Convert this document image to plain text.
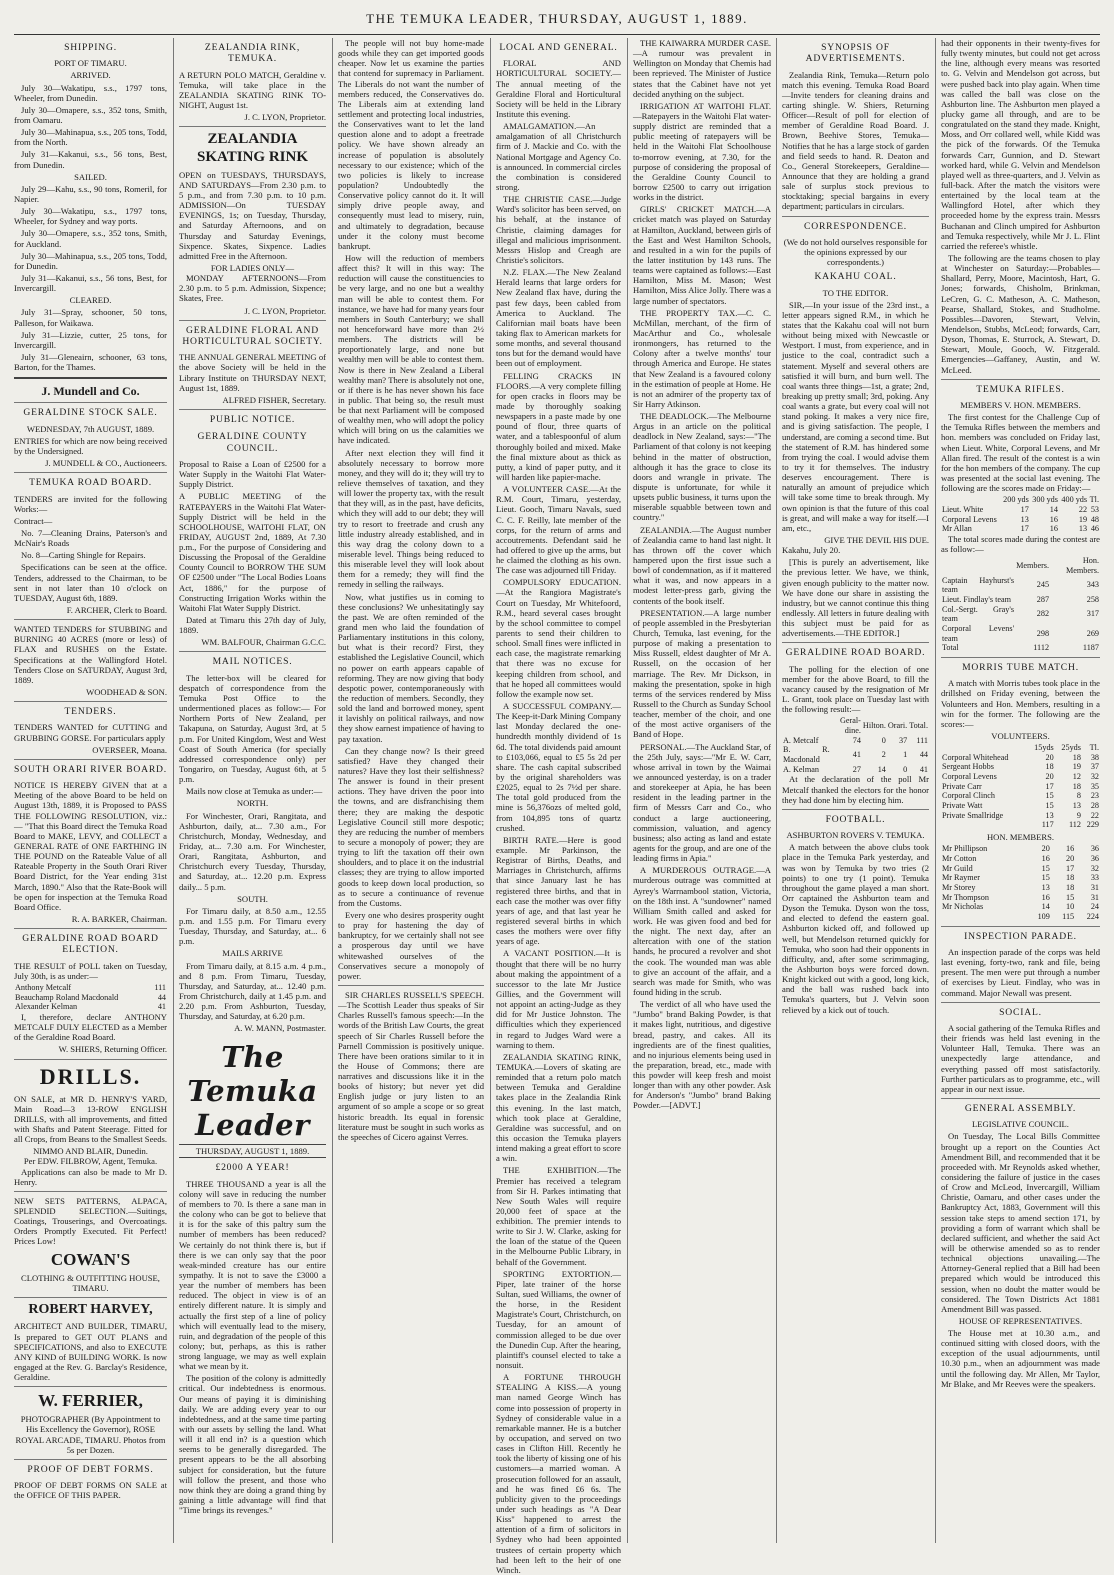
THE TEMUKA LEADER, THURSDAY, AUGUST 1, 1889.
SHIPPING.
PORT OF TIMARU.
ARRIVED.

July 30—Wakatipu, s.s., 1797 tons, Wheeler, from Dunedin.

July 30—Omapere, s.s., 352 tons, Smith, from Oamaru.

July 30—Mahinapua, s.s., 205 tons, Todd, from the North.

July 31—Kakanui, s.s., 56 tons, Best, from Dunedin.

SAILED.

July 29—Kahu, s.s., 90 tons, Romeril, for Napier.

July 30—Wakatipu, s.s., 1797 tons, Wheeler, for Sydney and way ports.

July 30—Omapere, s.s., 352 tons, Smith, for Auckland.

July 30—Mahinapua, s.s., 205 tons, Todd, for Dunedin.

July 31—Kakanui, s.s., 56 tons, Best, for Invercargill.

CLEARED.

July 31—Spray, schooner, 50 tons, Palleson, for Waikawa.

July 31—Lizzie, cutter, 25 tons, for Invercargill.

July 31—Gleneairn, schooner, 63 tons, Barton, for the Thames.

J. Mundell and Co.
GERALDINE STOCK SALE.
WEDNESDAY, 7th AUGUST, 1889.

ENTRIES for which are now being received by the Undersigned.

J. MUNDELL & CO., Auctioneers.
TEMUKA ROAD BOARD.

TENDERS are invited for the following Works:—

Contract—

No. 7—Cleaning Drains, Paterson's and McNair's Roads

No. 8—Carting Shingle for Repairs.

Specifications can be seen at the office. Tenders, addressed to the Chairman, to be sent in not later than 10 o'clock on TUESDAY, August 6th, 1889.

F. ARCHER, Clerk to Board.

WANTED TENDERS for STUBBING and BURNING 40 ACRES (more or less) of FLAX and RUSHES on the Estate. Specifications at the Wallingford Hotel. Tenders Close on SATURDAY, August 3rd, 1889.

WOODHEAD & SON.
TENDERS.

TENDERS WANTED for CUTTING and GRUBBING GORSE. For particulars apply

OVERSEER, Moana.
SOUTH ORARI RIVER BOARD.

NOTICE IS HEREBY GIVEN that at a Meeting of the above Board to be held on August 13th, 1889, it is Proposed to PASS THE FOLLOWING RESOLUTION, viz.:— "That this Board direct the Temuka Road Board to MAKE, LEVY, and COLLECT a GENERAL RATE of ONE FARTHING IN THE POUND on the Rateable Value of all Rateable Property in the South Orari River Board District, for the Year ending 31st March, 1890." Also that the Rate-Book will be open for inspection at the Temuka Road Board Office.

R. A. BARKER, Chairman.
GERALDINE ROAD BOARD ELECTION.

THE RESULT of POLL taken on Tuesday, July 30th, is as under:—

Anthony Metcalf	111
Beauchamp Roland Macdonald	44
Alexander Kelman	41

I, therefore, declare ANTHONY METCALF DULY ELECTED as a Member of the Geraldine Road Board.

W. SHIERS, Returning Officer.
DRILLS.

ON SALE, at MR D. HENRY'S YARD, Main Road—3 13-ROW ENGLISH DRILLS, with all improvements, and fitted with Shafts and Patent Steerage. Fitted for all Crops, from Beans to the Smallest Seeds.

NIMMO AND BLAIR, Dunedin.
Per EDW. FILBROW, Agent, Temuka.

Applications can also be made to Mr D. Henry.

NEW SETS PATTERNS, ALPACA, SPLENDID SELECTION.—Suitings, Coatings, Trouserings, and Overcoatings. Orders Promptly Executed. Fit Perfect! Prices Low!

COWAN'S
CLOTHING & OUTFITTING HOUSE, TIMARU.
ROBERT HARVEY,

ARCHITECT AND BUILDER, TIMARU, Is prepared to GET OUT PLANS and SPECIFICATIONS, and also to EXECUTE ANY KIND of BUILDING WORK. Is now engaged at the Rev. G. Barclay's Residence, Geraldine.

W. FERRIER,
PHOTOGRAPHER (By Appointment to His Excellency the Governor), ROSE ROYAL ARCADE, TIMARU. Photos from 5s per Dozen.
PROOF OF DEBT FORMS.

PROOF OF DEBT FORMS ON SALE at the OFFICE OF THIS PAPER.

ZEALANDIA RINK, TEMUKA.

A RETURN POLO MATCH, Geraldine v. Temuka, will take place in the ZEALANDIA SKATING RINK TO-NIGHT, August 1st.

J. C. LYON, Proprietor.
ZEALANDIA SKATING RINK

OPEN on TUESDAYS, THURSDAYS, AND SATURDAYS—From 2.30 p.m. to 5 p.m., and from 7.30 p.m. to 10 p.m. ADMISSION—On TUESDAY EVENINGS, 1s; on Tuesday, Thursday, and Saturday Afternoons, and on Thursday and Saturday Evenings, Sixpence. Skates, Sixpence. Ladies admitted Free in the Afternoon.

FOR LADIES ONLY—

MONDAY AFTERNOONS—From 2.30 p.m. to 5 p.m. Admission, Sixpence; Skates, Free.

J. C. LYON, Proprietor.
GERALDINE FLORAL AND HORTICULTURAL SOCIETY.

THE ANNUAL GENERAL MEETING of the above Society will be held in the Library Institute on THURSDAY NEXT, August 1st, 1889.

ALFRED FISHER, Secretary.
PUBLIC NOTICE.
GERALDINE COUNTY COUNCIL.

Proposal to Raise a Loan of £2500 for a Water Supply in the Waitohi Flat Water-Supply District.

A PUBLIC MEETING of the RATEPAYERS in the Waitohi Flat Water-Supply District will be held in the SCHOOLHOUSE, WAITOHI FLAT, ON FRIDAY, AUGUST 2nd, 1889, At 7.30 p.m., For the purpose of Considering and Discussing the Proposal of the Geraldine County Council to BORROW THE SUM OF £2500 under "The Local Bodies Loans Act, 1886," for the purpose of Constructing Irrigation Works within the Waitohi Flat Water Supply District.

Dated at Timaru this 27th day of July, 1889.

WM. BALFOUR, Chairman G.C.C.
MAIL NOTICES.

The letter-box will be cleared for despatch of correspondence from the Temuka Post Office to the undermentioned places as follow:— For Northern Ports of New Zealand, per Takapuna, on Saturday, August 3rd, at 5 p.m. For United Kingdom, West and West Coast of South America (for specially addressed correspondence only) per Tongariro, on Tuesday, August 6th, at 5 p.m.

Mails now close at Temuka as under:—

NORTH.

For Winchester, Orari, Rangitata, and Ashburton, daily, at... 7.30 a.m., For Christchurch, Monday, Wednesday, and Friday, at... 7.30 a.m. For Winchester, Orari, Rangitata, Ashburton, and Christchurch every Tuesday, Thursday, and Saturday, at... 12.20 p.m. Express daily... 5 p.m.

SOUTH.

For Timaru daily, at 8.50 a.m., 12.55 p.m. and 1.55 p.m. For Timaru every Tuesday, Thursday, and Saturday, at... 6 p.m.

MAILS ARRIVE

From Timaru daily, at 8.15 a.m. 4 p.m., and 8 p.m. From Timaru, Tuesday, Thursday, and Saturday, at... 12.40 p.m. From Christchurch, daily at 1.45 p.m. and 2.20 p.m. From Ashburton, Tuesday, Thursday, and Saturday, at 6.20 p.m.

A. W. MANN, Postmaster.
The Temuka Leader
THURSDAY, AUGUST 1, 1889.
£2000 A YEAR!

THREE THOUSAND a year is all the colony will save in reducing the number of members to 70. Is there a sane man in the colony who can be got to believe that it is for the sake of this paltry sum the number of members has been reduced? We certainly do not think there is, but if there is we can only say that the poor weak-minded creature has our entire sympathy. It is not to save the £3000 a year the number of members has been reduced. The object in view is of an entirely different nature. It is simply and actually the first step of a line of policy which will eventually lead to the misery, ruin, and degradation of the people of this colony; but, perhaps, as this is rather strong language, we may as well explain what we mean by it.

The position of the colony is admittedly critical. Our indebtedness is enormous. Our means of paying it is diminishing daily. We are adding every year to our indebtedness, and at the same time parting with our assets by selling the land. What will it all end in? is a question which seems to be generally disregarded. The present appears to be the all absorbing subject for consideration, but the future will follow the present, and those who now think they are doing a grand thing by gaining a little advantage will find that "Time brings its revenges."

The people will not buy home-made goods while they can get imported goods cheaper. Now let us examine the parties that contend for supremacy in Parliament. The Liberals do not want the number of members reduced, the Conservatives do. The Liberals aim at extending land settlement and protecting local industries, the Conservatives want to let the land question alone and to adopt a freetrade policy. We have shown already an increase of population is absolutely necessary to our existence; which of the two policies is likely to increase population? Undoubtedly the Conservative policy cannot do it. It will simply drive people away, and consequently must lead to misery, ruin, and ultimately to degradation, because under it the colony must become bankrupt.

How will the reduction of members affect this? It will in this way: The reduction will cause the constituencies to be very large, and no one but a wealthy man will be able to contest them. For instance, we have had for many years four members in South Canterbury; we shall not henceforward have more than 2½ members. The districts will be proportionately large, and none but wealthy men will be able to contest them. Now is there in New Zealand a Liberal wealthy man? There is absolutely not one, or if there is he has never shown his face in public. That being so, the result must be that next Parliament will be composed of wealthy men, who will adopt the policy which will bring on us the calamities we have indicated.

After next election they will find it absolutely necessary to borrow more money, and they will do it; they will try to relieve themselves of taxation, and they will lower the property tax, with the result that they will, as in the past, have deficits, which they will add to our debt; they will try to resort to freetrade and crush any little industry already established, and in this way drag the colony down to a miserable level. Things being reduced to this miserable level they will look about them for a remedy; they will find the remedy in selling the railways.

Now, what justifies us in coming to these conclusions? We unhesitatingly say the past. We are often reminded of the grand men who laid the foundation of Parliamentary institutions in this colony, but what is their record? First, they established the Legislative Council, which no power on earth appears capable of reforming. They are now giving that body despotic power, contemporaneously with the reduction of members. Secondly, they sold the land and borrowed money, spent it lavishly on political railways, and now they show earnest impatience of having to pay taxation.

Can they change now? Is their greed satisfied? Have they changed their natures? Have they lost their selfishness? The answer is found in their present actions. They have driven the poor into the towns, and are disfranchising them there; they are making the despotic Legislative Council still more despotic; they are reducing the number of members to secure a monopoly of power; they are trying to lift the taxation off their own shoulders, and to place it on the industrial classes; they are trying to allow imported goods to keep down local production, so as to secure a continuance of revenue from the Customs.

Every one who desires prosperity ought to pray for hastening the day of bankruptcy, for we certainly shall not see a prosperous day until we have whitewashed ourselves of the Conservatives secure a monopoly of power.

SIR CHARLES RUSSELL'S SPEECH.—The Scottish Leader thus speaks of Sir Charles Russell's famous speech:—In the words of the British Law Courts, the great speech of Sir Charles Russell before the Parnell Commission is positively unique. There have been orations similar to it in the House of Commons; there are narratives and discussions like it in the books of history; but never yet did English judge or jury listen to an argument of so ample a scope or so great historic breadth. Its equal in forensic literature must be sought in such works as the speeches of Cicero against Verres.

LOCAL AND GENERAL.

FLORAL AND HORTICULTURAL SOCIETY.—The annual meeting of the Geraldine Floral and Horticultural Society will be held in the Library Institute this evening.

AMALGAMATION.—An amalgamation of all Christchurch firm of J. Mackie and Co. with the National Mortgage and Agency Co. is announced. In commercial circles the combination is considered strong.

THE CHRISTIE CASE.—Judge Ward's solicitor has been served, on his behalf, at the instance of Christie, claiming damages for illegal and malicious imprisonment. Messrs Hislop and Creagh are Christie's solicitors.

N.Z. FLAX.—The New Zealand Herald learns that large orders for New Zealand flax have, during the past few days, been cabled from America to Auckland. The Californian mail boats have been taking flax to American markets for some months, and several thousand tons but for the demand would have been out of employment.

FELLING CRACKS IN FLOORS.—A very complete filling for open cracks in floors may be made by thoroughly soaking newspapers in a paste made by one pound of flour, three quarts of water, and a tablespoonful of alum thoroughly boiled and mixed. Make the final mixture about as thick as putty, a kind of paper putty, and it will harden like papier-mache.

A VOLUNTEER CASE.—At the R.M. Court, Timaru, yesterday, Lieut. Gooch, Timaru Navals, sued C. C. F. Reilly, late member of the corps, for the return of arms and accoutrements. Defendant said he had offered to give up the arms, but he claimed the clothing as his own. The case was adjourned till Friday.

COMPULSORY EDUCATION.—At the Rangiora Magistrate's Court on Tuesday, Mr Whitefoord, R.M., heard several cases brought by the school committee to compel parents to send their children to school. Small fines were inflicted in each case, the magistrate remarking that there was no excuse for keeping children from school, and that he hoped all committees would follow the example now set.

A SUCCESSFUL COMPANY.—The Keep-it-Dark Mining Company last Monday declared the one-hundredth monthly dividend of 1s 6d. The total dividends paid amount to £103,066, equal to £5 5s 2d per share. The cash capital subscribed by the original shareholders was £2025, equal to 2s 7½d per share. The total gold produced from the mine is 56,376ozs of melted gold, from 104,895 tons of quartz crushed.

BIRTH RATE.—Here is good example. Mr Parkinson, the Registrar of Births, Deaths, and Marriages in Christchurch, affirms that since January last he has registered three births, and that in each case the mother was over fifty years of age, and that last year he registered several births in which cases the mothers were over fifty years of age.

A VACANT POSITION.—It is thought that there will be no hurry about making the appointment of a successor to the late Mr Justice Gillies, and the Government will not appoint an acting-Judge as they did for Mr Justice Johnston. The difficulties which they experienced in regard to Judges Ward were a warning to them.

ZEALANDIA SKATING RINK, TEMUKA.—Lovers of skating are reminded that a return polo match between Temuka and Geraldine takes place in the Zealandia Rink this evening. In the last match, which took place at Geraldine, Geraldine was successful, and on this occasion the Temuka players intend making a great effort to score a win.

THE EXHIBITION.—The Premier has received a telegram from Sir H. Parkes intimating that New South Wales will require 20,000 feet of space at the exhibition. The premier intends to write to Sir J. W. Clarke, asking for the loan of the statue of the Queen in the Melbourne Public Library, in behalf of the Government.

SPORTING EXTORTION.—Piper, late trainer of the horse Sultan, sued Williams, the owner of the horse, in the Resident Magistrate's Court, Christchurch, on Tuesday, for an amount of commission alleged to be due over the Dunedin Cup. After the hearing, plaintiff's counsel elected to take a nonsuit.

A FORTUNE THROUGH STEALING A KISS.—A young man named George Winch has come into possession of property in Sydney of considerable value in a remarkable manner. He is a butcher by occupation, and served on two cases in Clifton Hill. Recently he took the liberty of kissing one of his customers—a married woman. A prosecution followed for an assault, and he was fined £6 6s. The publicity given to the proceedings under such headings as "A Dear Kiss" happened to arrest the attention of a firm of solicitors in Sydney who had been appointed trustees of certain property which had been left to the heir of one Winch.

THE KAIWARRA MURDER CASE.—A rumour was prevalent in Wellington on Monday that Chemis had been reprieved. The Minister of Justice states that the Cabinet have not yet decided anything on the subject.

IRRIGATION AT WAITOHI FLAT.—Ratepayers in the Waitohi Flat water-supply district are reminded that a public meeting of ratepayers will be held in the Waitohi Flat Schoolhouse to-morrow evening, at 7.30, for the purpose of considering the proposal of the Geraldine County Council to borrow £2500 to carry out irrigation works in the district.

GIRLS' CRICKET MATCH.—A cricket match was played on Saturday at Hamilton, Auckland, between girls of the East and West Hamilton Schools, and resulted in a win for the pupils of the latter institution by 143 runs. The teams were captained as follows:—East Hamilton, Miss M. Mason; West Hamilton, Miss Alice Jolly. There was a large number of spectators.

THE PROPERTY TAX.—C. C. McMillan, merchant, of the firm of MacArthur and Co., wholesale ironmongers, has returned to the Colony after a twelve months' tour through America and Europe. He states that New Zealand is a favoured colony in the estimation of people at Home. He is not an admirer of the property tax of Sir Harry Atkinson.

THE DEADLOCK.—The Melbourne Argus in an article on the political deadlock in New Zealand, says:—"The Parliament of that colony is not keeping behind in the matter of obstruction, although it has the grace to close its doors and wrangle in private. The dispute is unfortunate, for while it upsets public business, it turns upon the miserable squabble between town and country."

ZEALANDIA.—The August number of Zealandia came to hand last night. It has thrown off the cover which hampered upon the first issue such a bowl of condemnation, as if it mattered what it was, and now appears in a modest letter-press garb, giving the contents of the book itself.

PRESENTATION.—A large number of people assembled in the Presbyterian Church, Temuka, last evening, for the purpose of making a presentation to Miss Russell, eldest daughter of Mr A. Russell, on the occasion of her marriage. The Rev. Mr Dickson, in making the presentation, spoke in high terms of the services rendered by Miss Russell to the Church as Sunday School teacher, member of the choir, and one of the most active organisers of the Band of Hope.

PERSONAL.—The Auckland Star, of the 25th July, says:—"Mr E. W. Carr, whose arrival in town by the Waimai we announced yesterday, is on a trader and storekeeper at Apia, he has been resident in the leading partner in the firm of Messrs Carr and Co., who conduct a large auctioneering, commission, valuation, and agency business; also acting as land and estate agents for the group, and are one of the leading firms in Apia."

A MURDEROUS OUTRAGE.—A murderous outrage was committed at Ayrey's Warrnambool station, Victoria, on the 18th inst. A "sundowner" named William Smith called and asked for work. He was given food and bed for the night. The next day, after an altercation with one of the station hands, he procured a revolver and shot the cook. The wounded man was able to give an account of the affair, and a search was made for Smith, who was found hiding in the scrub.

The verdict of all who have used the "Jumbo" brand Baking Powder, is that it makes light, nutritious, and digestive bread, pastry, and cakes. All its ingredients are of the finest qualities, and no injurious elements being used in the preparation, bread, etc., made with this powder will keep fresh and moist longer than with any other powder. Ask for Anderson's "Jumbo" brand Baking Powder.—[ADVT.]

SYNOPSIS OF ADVERTISEMENTS.

Zealandia Rink, Temuka—Return polo match this evening. Temuka Road Board—Invite tenders for cleaning drains and carting shingle. W. Shiers, Returning Officer—Result of poll for election of member of Geraldine Road Board. J. Brown, Beehive Stores, Temuka—Notifies that he has a large stock of garden and field seeds to hand. R. Deaton and Co., General Storekeepers, Geraldine—Announce that they are holding a grand sale of surplus stock previous to stocktaking; special bargains in every department; particulars in circulars.

CORRESPONDENCE.

(We do not hold ourselves responsible for the opinions expressed by our correspondents.)

KAKAHU COAL.
TO THE EDITOR.

SIR,—In your issue of the 23rd inst., a letter appears signed R.M., in which he states that the Kakahu coal will not burn without being mixed with Newcastle or Westport. I must, from experience, and in justice to the coal, contradict such a statement. Myself and several others are satisfied it will burn, and burn well. The coal wants three things—1st, a grate; 2nd, breaking up pretty small; 3rd, poking. Any coal wants a grate, but every coal will not stand poking. It makes a very nice fire, and is giving satisfaction. The people, I understand, are coming a second time. But the statement of R.M. has hindered some from trying the coal. I would advise them to try it for themselves. The industry deserves encouragement. There is naturally an amount of prejudice which will take some time to break through. My own opinion is that the future of this coal is great, and will make a way for itself.—I am, etc.,

GIVE THE DEVIL HIS DUE.

Kakahu, July 20.

[This is purely an advertisement, like the previous letter. We have, we think, given enough publicity to the matter now. We have done our share in assisting the industry, but we cannot continue this thing endlessly. All letters in future dealing with this subject must be paid for as advertisements.—THE EDITOR.]

GERALDINE ROAD BOARD.

The polling for the election of one member for the above Board, to fill the vacancy caused by the resignation of Mr L. Grant, took place on Tuesday last with the following result:—

	Geral-dine.	Hilton.	Orari.	Total.
A. Metcalf	74	0	37	111
B. R. Macdonald	41	2	1	44
A. Kelman	27	14	0	41

At the declaration of the poll Mr Metcalf thanked the electors for the honor they had done him by electing him.

FOOTBALL.
ASHBURTON ROVERS V. TEMUKA.

A match between the above clubs took place in the Temuka Park yesterday, and was won by Temuka by two tries (2 points) to one try (1 point). Temuka throughout the game played a man short. Orr captained the Ashburton team and Dyson the Temuka. Dyson won the toss, and elected to defend the eastern goal. Ashburton kicked off, and followed up well, but Mendelson returned quickly for Temuka, who soon had their opponents in difficulty, and, after some scrimmaging, the Ashburton boys were forced down. Knight kicked out with a good, long kick, and the ball was rushed back into Temuka's quarters, but J. Velvin soon relieved by a kick out of touch.

had their opponents in their twenty-fives for fully twenty minutes, but could not get across the line, although every means was resorted to. G. Velvin and Mendelson got across, but were pushed back into play again. When time was called the ball was close on the Ashburton line. The Ashburton men played a plucky game all through, and are to be congratulated on the stand they made. Knight, Moss, and Orr collared well, while Kidd was the pick of the forwards. Of the Temuka forwards Carr, Gunnion, and D. Stewart worked hard, while G. Velvin and Mendelson played well as three-quarters, and J. Velvin as full-back. After the match the visitors were entertained by the local team at the Wallingford Hotel, after which they proceeded home by the express train. Messrs Buchanan and Clinch umpired for Ashburton and Temuka respectively, while Mr J. L. Flint carried the referee's whistle.

The following are the teams chosen to play at Winchester on Saturday:—Probables—Shallard, Perry, Moore, Macintosh, Hart, G. Jones; forwards, Chisholm, Brinkman, LeCren, G. C. Matheson, A. C. Matheson, Pearse, Shallard, Stokes, and Studholme. Possibles—Davoren, Stewart, Velvin, Mendelson, Stubbs, McLeod; forwards, Carr, Dyson, Thomas, E. Sturrock, A. Stewart, D. Stewart, Moule, Gooch, W. Fitzgerald. Emergencies—Gaffaney, Austin, and W. McLeed.

TEMUKA RIFLES.
MEMBERS V. HON. MEMBERS.

The first contest for the Challenge Cup of the Temuka Rifles between the members and hon. members was concluded on Friday last, when Lieut. White, Corporal Levens, and Mr Allan fired. The result of the contest is a win for the hon members of the company. The cup was presented at the social last evening. The following are the scores made on Friday:—

	200 yds	300 yds	400 yds	Tl.
Lieut. White	17	14	22	53
Corporal Levens	13	16	19	48
Mr Allan	17	16	13	46

The total scores made during the contest are as follow:—

	Members.	Hon. Members.
Captain Hayhurst's team	245	343
Lieut. Findlay's team	287	258
Col.-Sergt. Gray's team	282	317
Corporal Levens' team	298	269
Total	1112	1187
MORRIS TUBE MATCH.

A match with Morris tubes took place in the drillshed on Friday evening, between the Volunteers and Hon. Members, resulting in a win for the former. The following are the scores:—

VOLUNTEERS.
	15yds	25yds	Tl.
Corporal Whitehead	20	18	38
Sergeant Hobbs	18	19	37
Corporal Levens	20	12	32
Private Carr	17	18	35
Corporal Clinch	15	8	23
Private Watt	15	13	28
Private Smallridge	13	9	22
	117	112	229
HON. MEMBERS.
Mr Phillipson	20	16	36
Mr Cotton	16	20	36
Mr Guild	15	17	32
Mr Raymer	15	18	33
Mr Storey	13	18	31
Mr Thompson	16	15	31
Mr Nicholas	14	10	24
	109	115	224
INSPECTION PARADE.

An inspection parade of the corps was held last evening, forty-two, rank and file, being present. The men were put through a number of exercises by Lieut. Findlay, who was in command. Major Newall was present.

SOCIAL.

A social gathering of the Temuka Rifles and their friends was held last evening in the Volunteer Hall, Temuka. There was an unexpectedly large attendance, and everything passed off most satisfactorily. Further particulars as to programme, etc., will appear in our next issue.

GENERAL ASSEMBLY.
LEGISLATIVE COUNCIL.

On Tuesday, The Local Bills Committee brought up a report on the Counties Act Amendment Bill, and recommended that it be proceeded with. Mr Reynolds asked whether, considering the failure of justice in the cases of Crow and McLeod, Invercargill, William Christie, Oamaru, and other cases under the Bankruptcy Act, 1883, Government will this session take steps to amend section 171, by providing a form of warrant which shall be declared sufficient, and whether the said Act will be otherwise amended so as to render technical objections unavailing.—The Attorney-General replied that a Bill had been prepared which would be introduced this session, when no doubt the matter would be considered. The Town Districts Act 1881 Amendment Bill was passed.

HOUSE OF REPRESENTATIVES.

The House met at 10.30 a.m., and continued sitting with closed doors, with the exception of the usual adjournments, until 10.30 p.m., when an adjournment was made until the following day. Mr Allen, Mr Taylor, Mr Blake, and Mr Reeves were the speakers.
